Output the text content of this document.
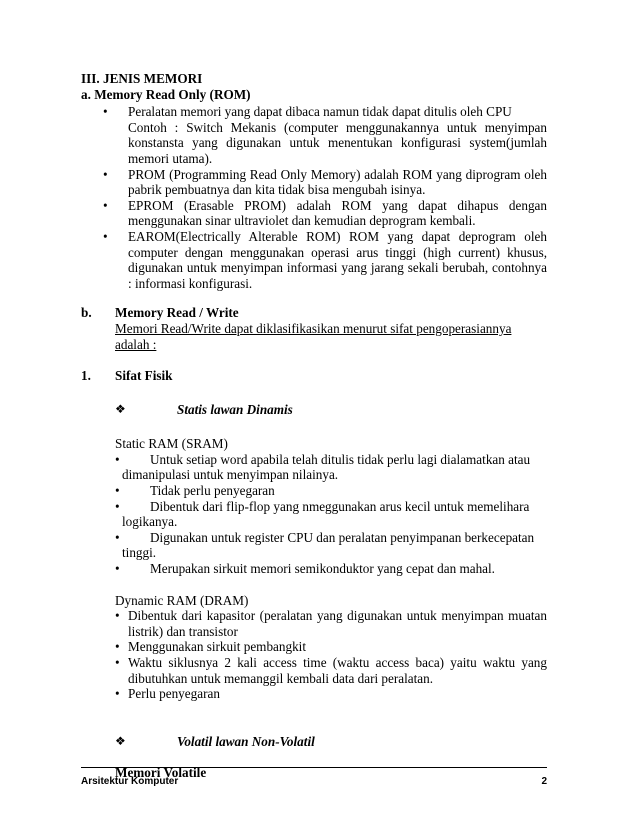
III. JENIS MEMORI
a. Memory Read Only (ROM)
• Peralatan memori yang dapat dibaca namun tidak dapat ditulis oleh CPU
Contoh : Switch Mekanis (computer menggunakannya untuk menyimpan konstansta yang digunakan untuk menentukan konfigurasi system(jumlah memori utama).
• PROM (Programming Read Only Memory) adalah ROM yang diprogram oleh pabrik pembuatnya dan kita tidak bisa mengubah isinya.
• EPROM (Erasable PROM) adalah ROM yang dapat dihapus dengan menggunakan sinar ultraviolet dan kemudian deprogram kembali.
• EAROM(Electrically Alterable ROM) ROM yang dapat deprogram oleh computer dengan menggunakan operasi arus tinggi (high current) khusus, digunakan untuk menyimpan informasi yang jarang sekali berubah, contohnya : informasi konfigurasi.
b.	Memory Read / Write
Memori Read/Write dapat diklasifikasikan menurut sifat pengoperasiannya adalah :
1.	Sifat Fisik
❖	Statis lawan Dinamis
Static RAM (SRAM)
• Untuk setiap word apabila telah ditulis tidak perlu lagi dialamatkan atau
dimanipulasi untuk menyimpan nilainya.
• Tidak perlu penyegaran
• Dibentuk dari flip-flop yang nmeggunakan arus kecil untuk memelihara
logikanya.
• Digunakan untuk register CPU dan peralatan penyimpanan berkecepatan
tinggi.
• Merupakan sirkuit memori semikonduktor yang cepat dan mahal.
Dynamic RAM (DRAM)
• Dibentuk dari kapasitor (peralatan yang digunakan untuk menyimpan muatan listrik) dan transistor
• Menggunakan sirkuit pembangkit
• Waktu siklusnya 2 kali access time (waktu access baca) yaitu waktu yang dibutuhkan untuk memanggil kembali data dari peralatan.
• Perlu penyegaran
❖	Volatil lawan Non-Volatil
Memori Volatile
Arsitektur Komputer	2
